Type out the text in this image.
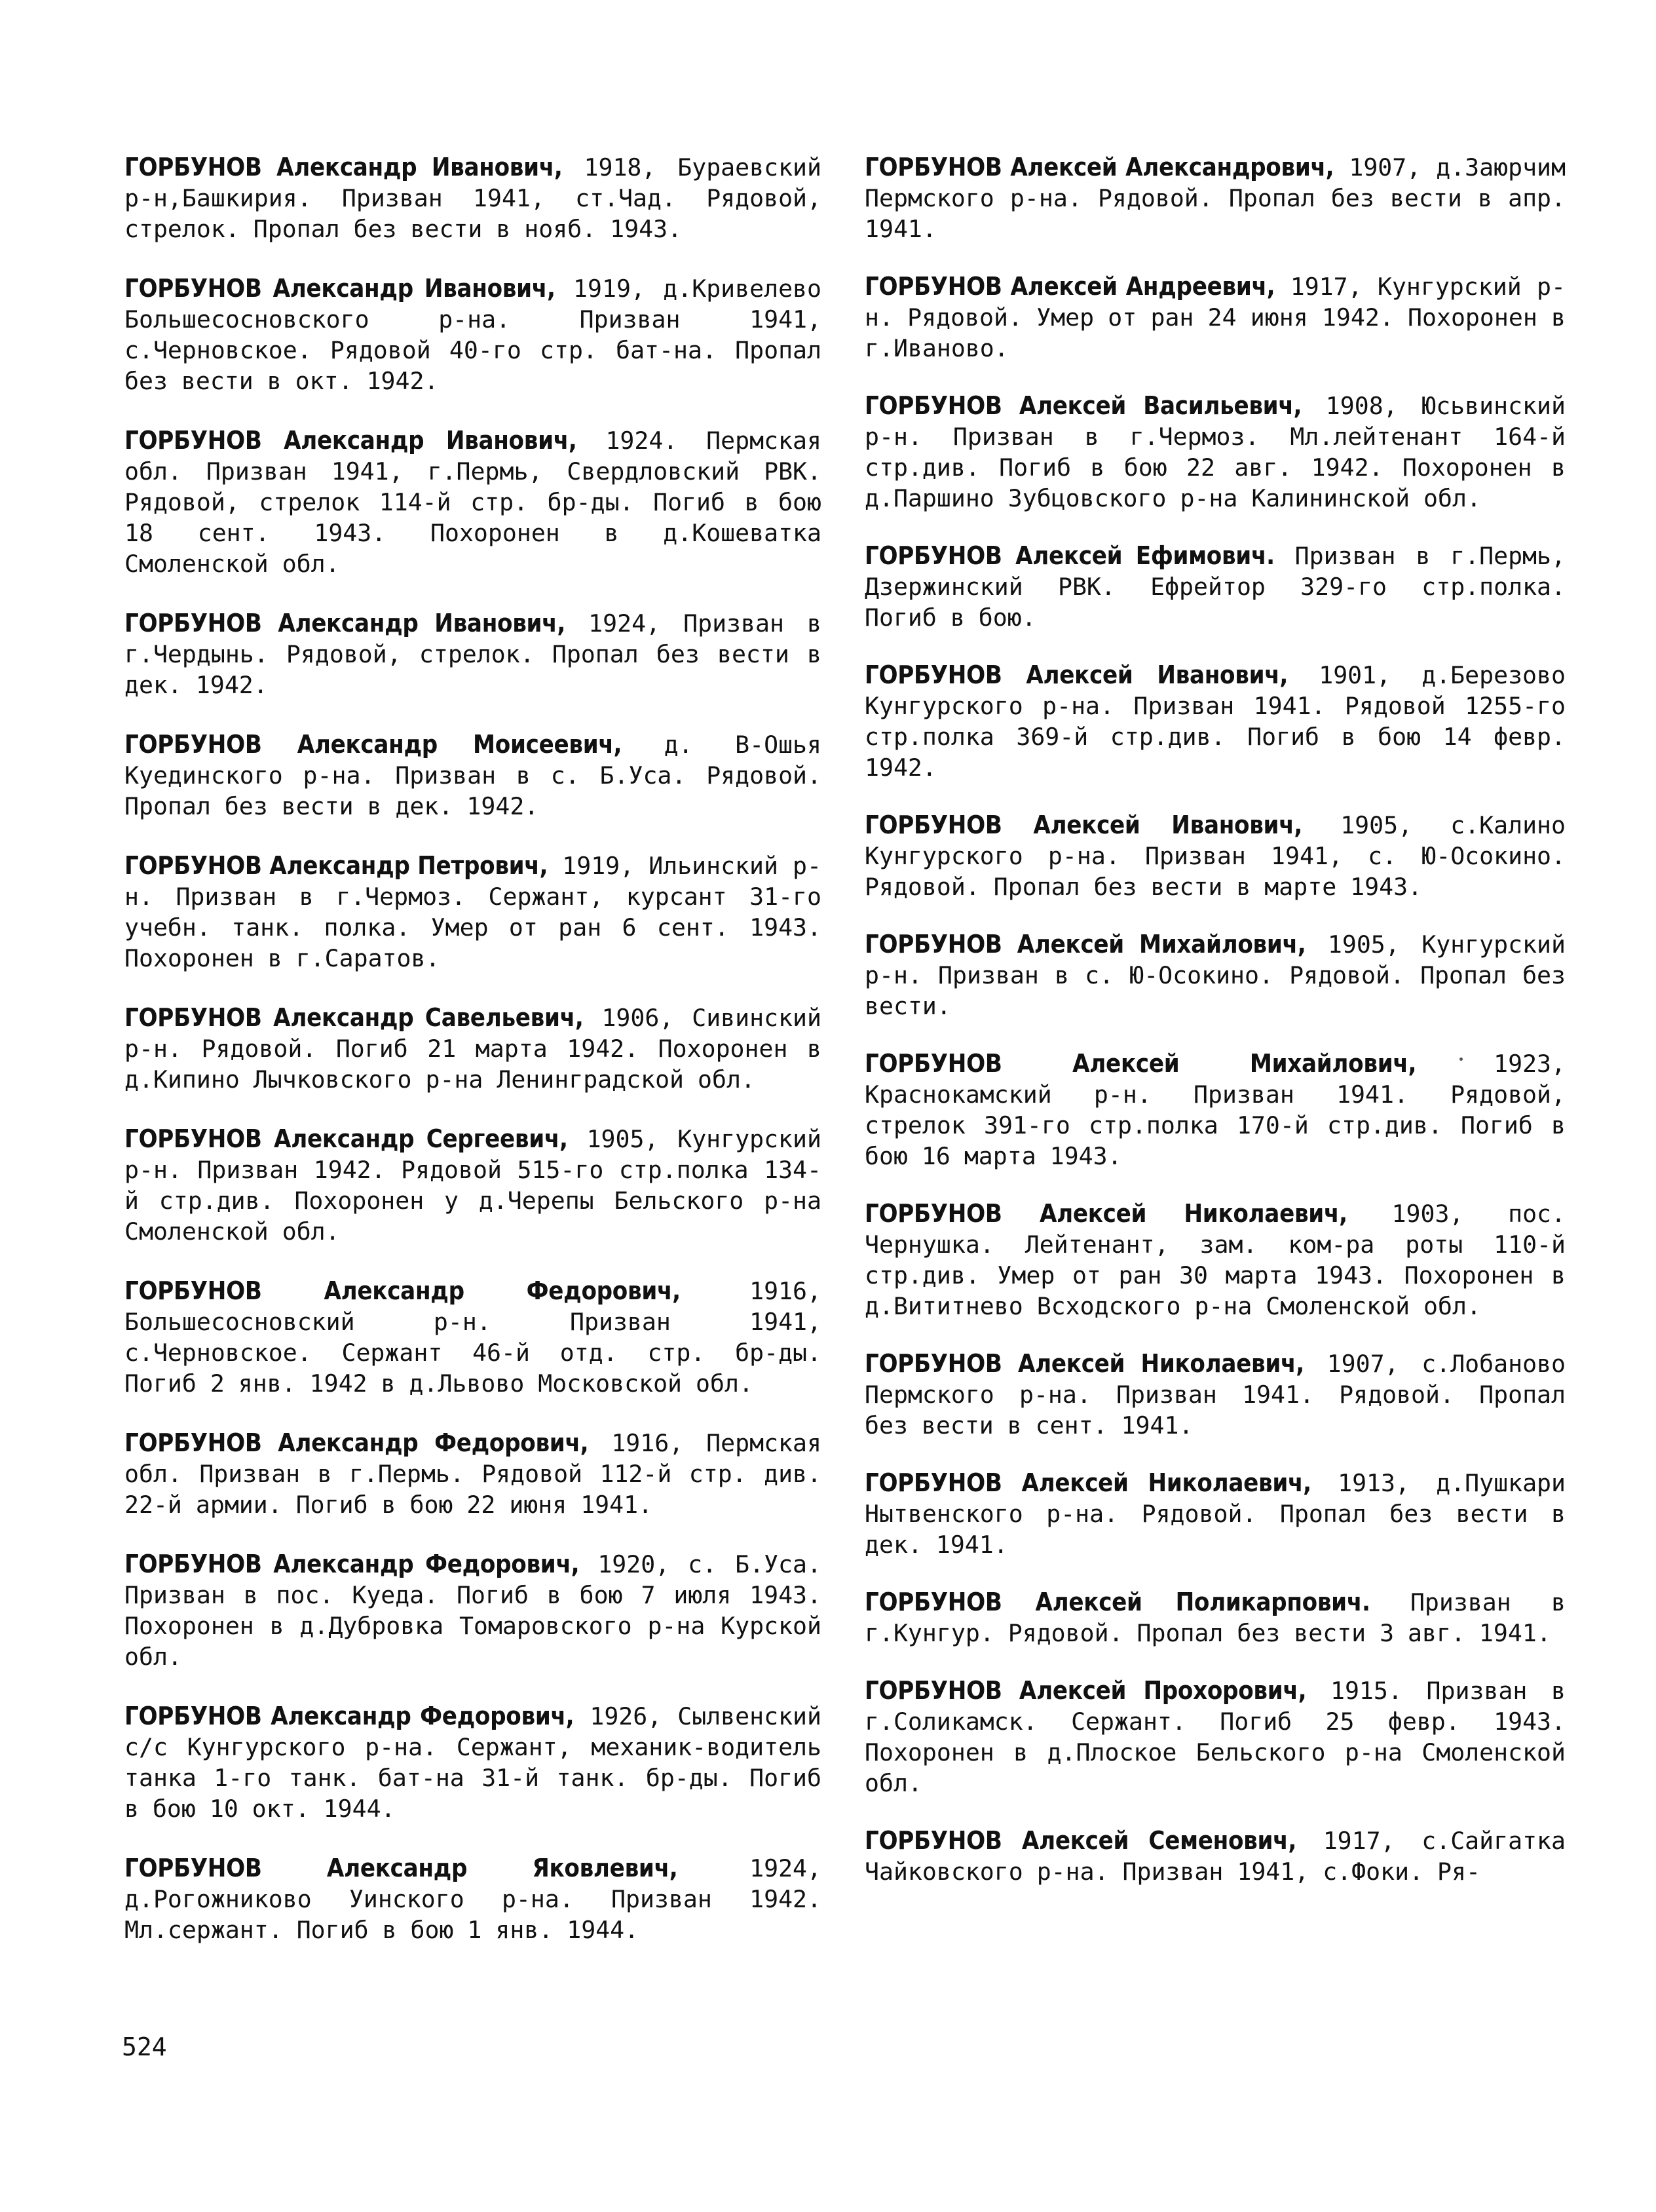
ГОРБУНОВ Александр Иванович, 1918, Бураевский р-н,Башкирия. Призван 1941, ст.Чад. Рядовой, стрелок. Пропал без вести в нояб. 1943.

ГОРБУНОВ Александр Иванович, 1919, д.Кривелево Большесосновского р-на. Призван 1941, с.Черновское. Рядовой 40-го стр. бат-на. Пропал без вести в окт. 1942.

ГОРБУНОВ Александр Иванович, 1924. Пермская обл. Призван 1941, г.Пермь, Свердловский РВК. Рядовой, стрелок 114-й стр. бр-ды. Погиб в бою 18 сент. 1943. Похоронен в д.Кошеватка Смоленской обл.

ГОРБУНОВ Александр Иванович, 1924, Призван в г.Чердынь. Рядовой, стрелок. Пропал без вести в дек. 1942.

ГОРБУНОВ Александр Моисеевич, д. В-Ошья Куединского р-на. Призван в с. Б.Уса. Рядовой. Пропал без вести в дек. 1942.

ГОРБУНОВ Александр Петрович, 1919, Ильинский р-н. Призван в г.Чермоз. Сержант, курсант 31-го учебн. танк. полка. Умер от ран 6 сент. 1943. Похоронен в г.Саратов.

ГОРБУНОВ Александр Савельевич, 1906, Сивинский р-н. Рядовой. Погиб 21 марта 1942. Похоронен в д.Кипино Лычковского р-на Ленинградской обл.

ГОРБУНОВ Александр Сергеевич, 1905, Кунгурский р-н. Призван 1942. Рядовой 515-го стр.полка 134-й стр.див. Похоронен у д.Черепы Бельского р-на Смоленской обл.

ГОРБУНОВ Александр Федорович,	1916, Большесосновский р-н. Призван 1941, с.Черновское. Сержант 46-й отд. стр. бр-ды. Погиб 2 янв. 1942 в д.Львово Московской обл.

ГОРБУНОВ Александр Федорович, 1916, Пермская обл. Призван в г.Пермь. Рядовой 112-й стр. див. 22-й армии. Погиб в бою 22 июня 1941.

ГОРБУНОВ Александр Федорович, 1920, с. Б.Уса. Призван в пос. Куеда. Погиб в бою 7 июля 1943. Похоронен в д.Дубровка Томаровского р-на Курской обл.

ГОРБУНОВ Александр Федорович, 1926, Сылвенский с/с Кунгурского р-на. Сержант, механик-водитель танка 1-го танк. бат-на 31-й танк. бр-ды. Погиб в бою 10 окт. 1944.

ГОРБУНОВ Александр Яковлевич,	1924, д.Рогожниково Уинского р-на. Призван 1942. Мл.сержант. Погиб в бою 1 янв. 1944.

ГОРБУНОВ Алексей Александрович, 1907, д.Заюрчим Пермского р-на. Рядовой. Пропал без вести в апр. 1941.

ГОРБУНОВ Алексей Андреевич, 1917, Кунгурский р-н. Рядовой. Умер от ран 24 июня 1942. Похоронен в г.Иваново.

ГОРБУНОВ Алексей Васильевич, 1908, Юсьвинский р-н. Призван в г.Чермоз. Мл.лейтенант 164-й стр.див. Погиб в бою 22 авг. 1942. Похоронен в д.Паршино Зубцовского р-на Калининской обл.

ГОРБУНОВ Алексей Ефимович. Призван в г.Пермь, Дзержинский РВК. Ефрейтор 329-го стр.полка. Погиб в бою.

ГОРБУНОВ Алексей Иванович, 1901, д.Березово Кунгурского р-на. Призван 1941. Рядовой 1255-го стр.полка 369-й стр.див. Погиб в бою 14 февр. 1942.

ГОРБУНОВ Алексей Иванович, 1905, с.Калино Кунгурского р-на. Призван 1941, с. Ю-Осокино. Рядовой. Пропал без вести в марте 1943.

ГОРБУНОВ Алексей Михайлович, 1905, Кунгурский р-н. Призван в с. Ю-Осокино. Рядовой. Пропал без вести.

ГОРБУНОВ Алексей Михайлович,	1923, Краснокамский р-н. Призван 1941. Рядовой, стрелок 391-го стр.полка 170-й стр.див. Погиб в бою 16 марта 1943.

ГОРБУНОВ Алексей Николаевич, 1903, пос. Чернушка. Лейтенант, зам. ком-ра роты 110-й стр.див. Умер от ран 30 марта 1943. Похоронен в д.Вититнево Всходского р-на Смоленской обл.

ГОРБУНОВ Алексей Николаевич, 1907, с.Лобаново Пермского р-на. Призван 1941. Рядовой. Пропал без вести в сент. 1941.

ГОРБУНОВ Алексей Николаевич, 1913, д.Пушкари Нытвенского р-на. Рядовой. Пропал без вести в дек. 1941.

ГОРБУНОВ Алексей Поликарпович. Призван в г.Кунгур. Рядовой. Пропал без вести 3 авг. 1941.

ГОРБУНОВ Алексей Прохорович, 1915. Призван в г.Соликамск. Сержант. Погиб 25 февр. 1943. Похоронен в д.Плоское Бельского р-на Смоленской обл.

ГОРБУНОВ Алексей Семенович, 1917, с.Сайгатка Чайковского р-на. Призван 1941, с.Фоки. Ря-

524
